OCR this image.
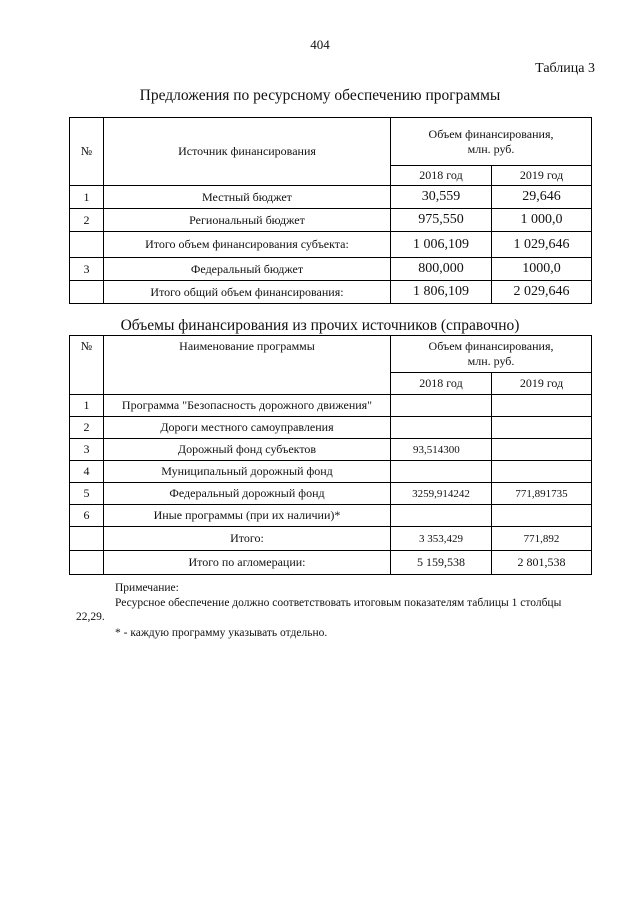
404
Таблица 3
Предложения по ресурсному обеспечению программы
№	Источник финансирования	Объем финансирования, млн. руб.	
		2018 год	2019 год
1	Местный бюджет	30,559	29,646
2	Региональный бюджет	975,550	1 000,0
	Итого объем финансирования субъекта:	1 006,109	1 029,646
3	Федеральный бюджет	800,000	1000,0
	Итого общий объем финансирования:	1 806,109	2 029,646
Объемы финансирования из прочих источников (справочно)
№	Наименование программы	Объем финансирования, млн. руб.	
		2018 год	2019 год
1	Программа "Безопасность дорожного движения"		
2	Дороги местного самоуправления		
3	Дорожный фонд субъектов	93,514300	
4	Муниципальный дорожный фонд		
5	Федеральный дорожный фонд	3259,914242	771,891735
6	Иные программы (при их наличии)*		
	Итого:	3 353,429	771,892
	Итого по агломерации:	5 159,538	2 801,538
Примечание:
Ресурсное обеспечение должно соответствовать итоговым показателям таблицы 1 столбцы
22,29.
* - каждую программу указывать отдельно.
